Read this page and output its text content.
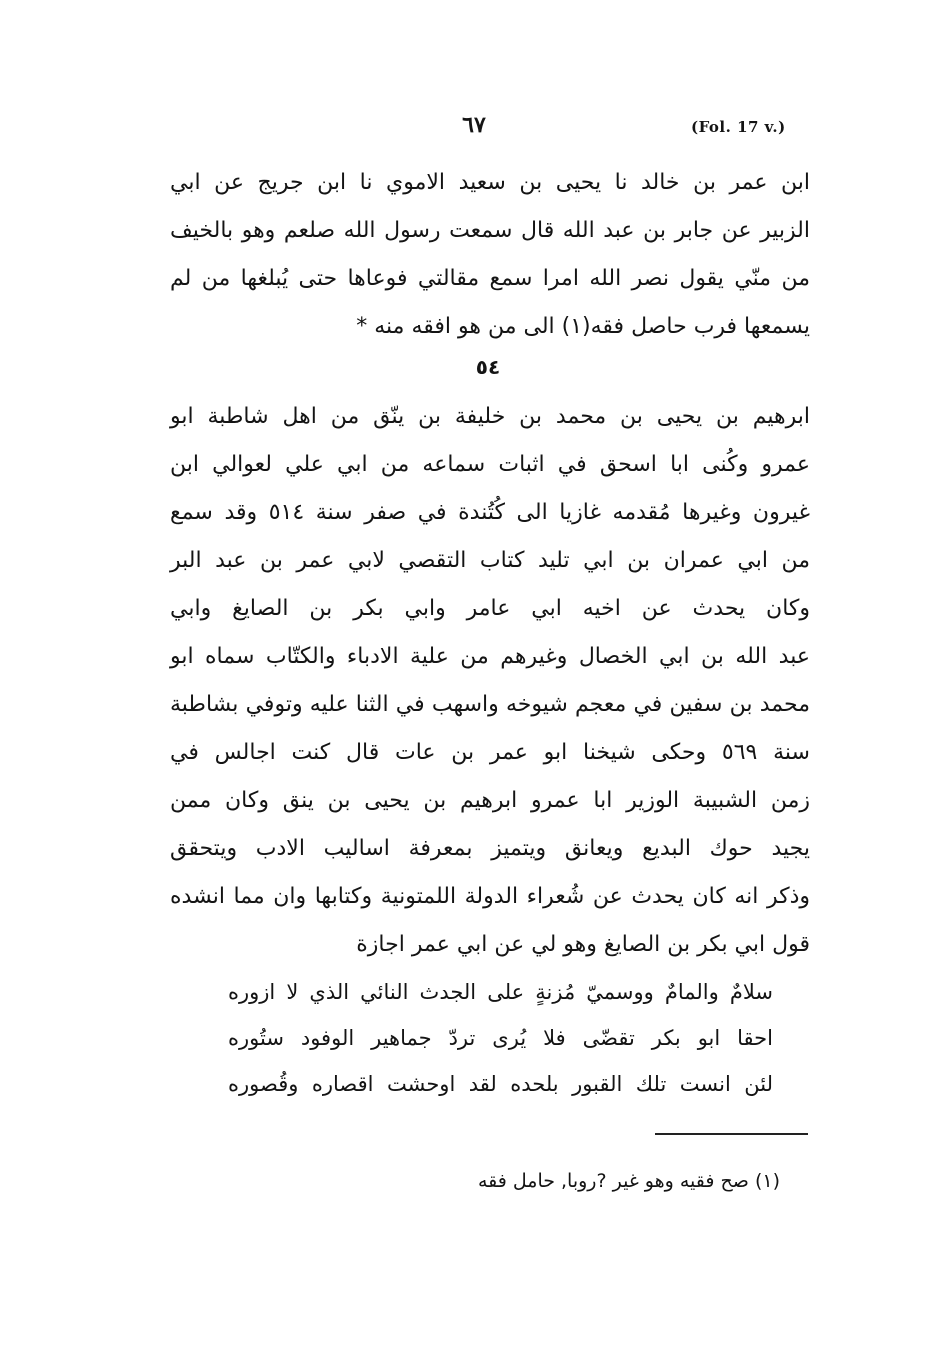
٦٧	(Fol. 17 v.)
ابن عمر بن خالد نا يحيى بن سعيد الاموي نا ابن جريج عن ابي
الزبير عن جابر بن عبد الله قال سمعت رسول الله صلعم وهو بالخيف
من منّي يقول نصر الله امرا سمع مقالتي فوعاها حتى يُبلغها من لم
يسمعها فرب حاصل فقه(١) الى من هو افقه منه *
٥٤
ابرهيم بن يحيى بن محمد بن خليفة بن ينّق من اهل شاطبة ابو
عمرو وكُنى ابا اسحق في اثبات سماعه من ابي علي لعوالي ابن
غيرون وغيرها مُقدمه غازيا الى كُتُندة في صفر سنة ٥١٤ وقد سمع
من ابي عمران بن ابي تليد كتاب التقصي لابي عمر بن عبد البر
وكان يحدث عن اخيه ابي عامر وابي بكر بن الصايغ وابي
عبد الله بن ابي الخصال وغيرهم من علية الادباء والكتّاب سماه ابو
محمد بن سفين في معجم شيوخه واسهب في الثنا عليه وتوفي بشاطبة
سنة ٥٦٩ وحكى شيخنا ابو عمر بن عات قال كنت اجالس في
زمن الشبيبة الوزير ابا عمرو ابرهيم بن يحيى بن ينق وكان ممن
يجيد حوك البديع ويعانق ويتميز بمعرفة اساليب الادب ويتحقق
وذكر انه كان يحدث عن شُعراء الدولة اللمتونية وكتابها وان مما انشده
قول ابي بكر بن الصايغ وهو لي عن ابي عمر اجازة
سلامٌ والمامٌ ووسميّ مُزنةٍ على الجدث النائي الذي لا ازوره
احقا ابو بكر تقضّى فلا يُرى تردّ جماهير الوفود ستُوره
لئن انست تلك القبور بلحده لقد اوحشت اقصاره وقُصوره
(١) صح فقيه وهو غير ?روبا, حامل فقه
